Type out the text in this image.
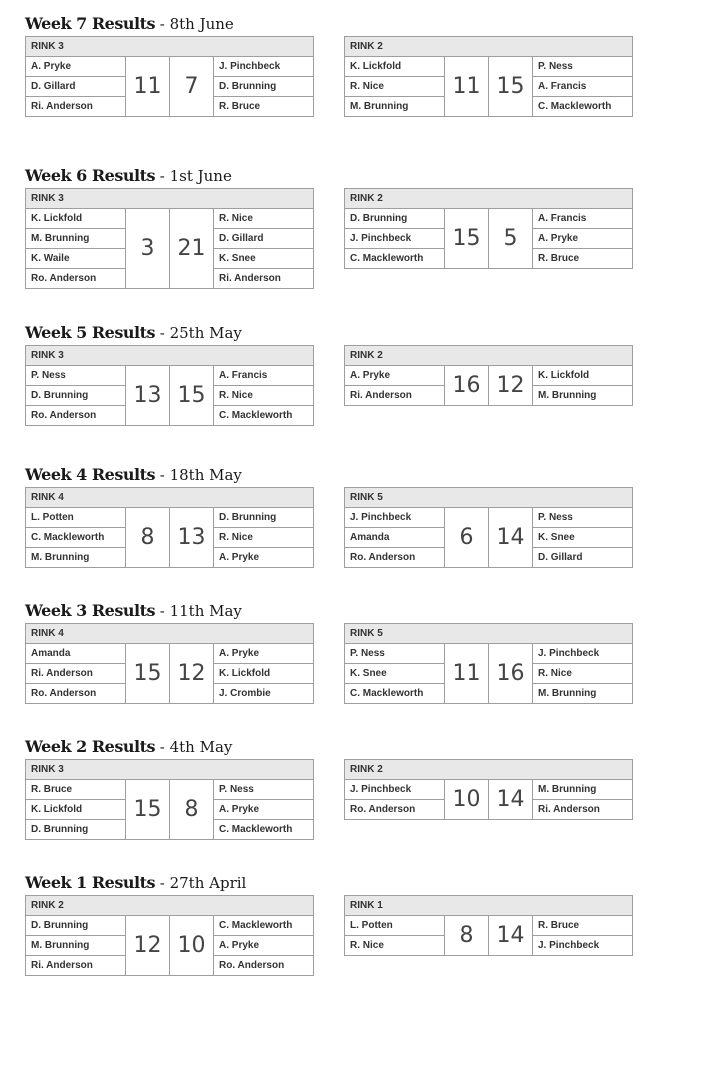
Week 7 Results - 8th June
RINK 3			
A. Pryke	11	7	J. Pinchbeck
D. Gillard			D. Brunning
Ri. Anderson			R. Bruce
RINK 2			
K. Lickfold	11	15	P. Ness
R. Nice			A. Francis
M. Brunning			C. Mackleworth
Week 6 Results - 1st June
RINK 3			
K. Lickfold	3	21	R. Nice
M. Brunning			D. Gillard
K. Waile			K. Snee
Ro. Anderson			Ri. Anderson
RINK 2			
D. Brunning	15	5	A. Francis
J. Pinchbeck			A. Pryke
C. Mackleworth			R. Bruce
Week 5 Results - 25th May
RINK 3			
P. Ness	13	15	A. Francis
D. Brunning			R. Nice
Ro. Anderson			C. Mackleworth
RINK 2			
A. Pryke	16	12	K. Lickfold
Ri. Anderson			M. Brunning
Week 4 Results - 18th May
RINK 4			
L. Potten	8	13	D. Brunning
C. Mackleworth			R. Nice
M. Brunning			A. Pryke
RINK 5			
J. Pinchbeck	6	14	P. Ness
Amanda			K. Snee
Ro. Anderson			D. Gillard
Week 3 Results - 11th May
RINK 4			
Amanda	15	12	A. Pryke
Ri. Anderson			K. Lickfold
Ro. Anderson			J. Crombie
RINK 5			
P. Ness	11	16	J. Pinchbeck
K. Snee			R. Nice
C. Mackleworth			M. Brunning
Week 2 Results - 4th May
RINK 3			
R. Bruce	15	8	P. Ness
K. Lickfold			A. Pryke
D. Brunning			C. Mackleworth
RINK 2			
J. Pinchbeck	10	14	M. Brunning
Ro. Anderson			Ri. Anderson
Week 1 Results - 27th April
RINK 2			
D. Brunning	12	10	C. Mackleworth
M. Brunning			A. Pryke
Ri. Anderson			Ro. Anderson
RINK 1			
L. Potten	8	14	R. Bruce
R. Nice			J. Pinchbeck
